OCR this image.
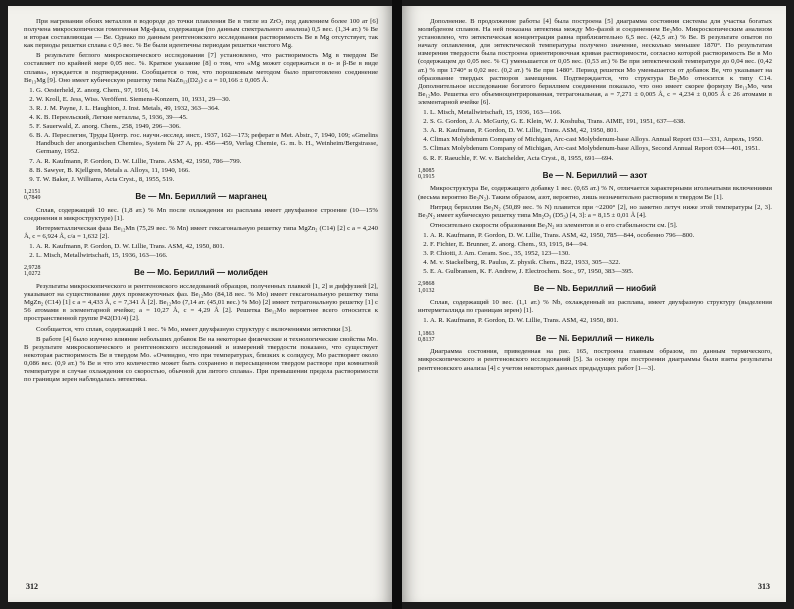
При нагревании обоих металлов в водороде до точки плавления Be в тигле из ZrO₂ под давлением более 100 ат [6] получена микроскопически гомогенная Mg-фаза, содержащая (по данным спектрального анализа) 0,5 вес. (1,34 ат.) % Be и вторая составляющая — Be. Однако по данным рентгеновского исследования растворимость Be в Mg отсутствует, так как периоды решетки сплава с 0,5 вес. % Be были идентичны периодам решетки чистого Mg.

В результате беглого микроскопического исследования [7] установлено, что растворимость Mg в твердом Be составляет по крайней мере 0,05 вес. %. Краткое указание [8] о том, что «Mg может содержаться в α- и β-Be в виде сплава», нуждается в подтверждении. Сообщается о том, что порошковым методом было приготовлено соединение Be₁₃Mg [9]. Оно имеет кубическую решетку типа NaZn₁₃(D2₃) с a = 10,166 ± 0,005 Å.

1. G. Oesterheld, Z. anorg. Chem., 97, 1916, 14.
2. W. Kroll, E. Jess, Wiss. Veröffent. Siemens-Konzern, 10, 1931, 29—30.
3. R. J. M. Payne, J. L. Haughton, J. Inst. Metals, 49, 1932, 363—364.
4. К. В. Переельский, Легкие металлы, 5, 1936, 39—45.
5. F. Sauerwald, Z. anorg. Chem., 258, 1949, 296—306.
6. В. А. Переслегин, Труды Центр. гос. научн.-исслед. инст., 1937, 162—173; реферат в Met. Abstr., 7, 1940, 109; «Gmelins Handbuch der anorganischen Chemie», System № 27 A, pp. 456—459, Verlag Chemie, G. m. b. H., Weinheim/Bergstrasse, Germany, 1952.
7. A. R. Kaufmann, P. Gordon, D. W. Lillie, Trans. ASM, 42, 1950, 786—799.
8. B. Sawyer, B. Kjellgren, Metals a. Alloys, 11, 1940, 166.
9. T. W. Baker, J. Williams, Acta Cryst., 8, 1955, 519.
1,2151
0,7849	Be — Mn. Бериллий — марганец

Сплав, содержащий 10 вес. (1,8 ат.) % Mn после охлаждения из расплава имеет двухфазное строение (10—15% соединения в микроструктуре) [1].

Интерметаллическая фаза Be₁₂Mn (75,29 вес. % Mn) имеет гексагональную решетку типа MgZn₂ (C14) [2] с a = 4,240 Å, c = 6,924 Å, c/a = 1,632 [2].

1. A. R. Kaufmann, P. Gordon, D. W. Lillie, Trans. ASM, 42, 1950, 801.
2. L. Misch, Metallwirtschaft, 15, 1936, 163—166.
2,9728
1,0272	Be — Mo. Бериллий — молибден

Результаты микроскопического и рентгеновского исследований образцов, полученных плавкой [1, 2] и диффузией [2], указывают на существование двух промежуточных фаз. Be₁₂Mo (84,18 вес. % Mo) имеет гексагональную решетку типа MgZn₂ (C14) [1] с a = 4,433 Å, c = 7,341 Å [2]. Be₁₂Mo (7,14 ат. (45,01 вес.) % Mo) [2] имеет тетрагональную решетку [1] с 56 атомами в элементарной ячейке; a = 10,27 Å, c = 4,29 Å [2]. Решетка Be₁₂Mo вероятнее всего относится к пространственной группе P42(D1/4) [2].

Сообщается, что сплав, содержащий 1 вес. % Mo, имеет двухфазную структуру с включениями эвтектики [3].

В работе [4] было изучено влияние небольших добавок Be на некоторые физические и технологические свойства Mo. В результате микроскопического и рентгеновского исследований и измерений твердости показано, что существует некоторая растворимость Be в твердом Mo. «Очевидно, что при температурах, близких к солидусу, Mo растворяет около 0,086 вес. (0,9 ат.) % Be и что это количество может быть сохранено в пересыщенном твердом растворе при комнатной температуре в случае охлаждения со скоростью, обычной для литого сплава». При превышении предела растворимости по границам зерен наблюдалась эвтектика.

312

Дополнение. В продолжение работы [4] была построена [5] диаграмма состояния системы для участка богатых молибденом сплавов. На ней показана эвтектика между Mo-фазой и соединением Be₂Mo. Микроскопическим анализом установлено, что эвтектическая концентрация равна приблизительно 6,5 вес. (42,5 ат.) % Be. В результате опытов по началу оплавления, для эвтектической температуры получено значение, несколько меньшее 1870°. По результатам измерения твердости была построена ориентировочная кривая растворимости, согласно которой растворимость Be в Mo (содержащем до 0,05 вес. % C) уменьшается от 0,05 вес. (0,53 ат.) % Be при эвтектической температуре до 0,04 вес. (0,42 ат.) % при 1740° и 0,02 вес. (0,2 ат.) % Be при 1480°. Период решетки Mo уменьшается от добавок Be, что указывает на образование твердых растворов замещения. Подтверждается, что структура Be₂Mo относится к типу C14. Дополнительное исследование богатого бериллием соединения показало, что оно имеет скорее формулу Be₁₃Mo, чем Be₁₂Mo. Решетка его объемноцентрированная, тетрагональная, a = 7,271 ± 0,005 Å, c = 4,234 ± 0,005 Å с 26 атомами в элементарной ячейке [6].

1. L. Misch, Metallwirtschaft, 15, 1936, 163—166.
2. S. G. Gordon, J. A. McGurty, G. E. Klein, W. J. Koshuba, Trans. AIME, 191, 1951, 637—638.
3. A. R. Kaufmann, P. Gordon, D. W. Lillie, Trans. ASM, 42, 1950, 801.
4. Climax Molybdenum Company of Michigan, Arc-cast Molybdenum-base Alloys. Annual Report 031—331, Апрель, 1950.
5. Climax Molybdenum Company of Michigan, Arc-cast Molybdenum-base Alloys, Second Annual Report 034—401, 1951.
6. R. F. Raeuchle, F. W. v. Batchelder, Acta Cryst., 8, 1955, 691—694.
1,8085
0,1915	Be — N. Бериллий — азот

Микроструктура Be, содержащего добавку 1 вес. (0,65 ат.) % N, отличается характерными игольчатыми включениями (весьма вероятно Be₃N₂). Таким образом, азот, вероятно, лишь незначительно растворим в твердом Be [1].

Нитрид бериллия Be₃N₂ (50,89 вес. % N) плавится при ~2200° [2], но заметно летуч ниже этой температуры [2, 3]. Be₃N₂ имеет кубическую решетку типа Mn₂O₃ (D5₃) [4, 3]: a = 8,15 ± 0,01 Å [4].

Относительно скорости образования Be₃N₂ из элементов и о его стабильности см. [5].

1. A. R. Kaufmann, P. Gordon, D. W. Lillie, Trans. ASM, 42, 1950, 785—844, особенно 796—800.
2. F. Fichter, E. Brunner, Z. anorg. Chem., 93, 1915, 84—94.
3. P. Chiotti, J. Am. Ceram. Soc., 35, 1952, 123—130.
4. M. v. Stackelberg, R. Paulus, Z. physik. Chem., B22, 1933, 305—322.
5. E. A. Gulbransen, K. F. Andrew, J. Electrochem. Soc., 97, 1950, 383—395.
2,9868
1,0132	Be — Nb. Бериллий — ниобий

Сплав, содержащий 10 вес. (1,1 ат.) % Nb, охлажденный из расплава, имеет двухфазную структуру (выделения интерметаллида по границам зерен) [1].

1. A. R. Kaufmann, P. Gordon, D. W. Lillie, Trans. ASM, 42, 1950, 801.
1,1863
0,8137	Be — Ni. Бериллий — никель

Диаграмма состояния, приведенная на рис. 165, построена главным образом, по данным термического, микроскопического и рентгеновского исследований [5]. За основу при построении диаграммы были взяты результаты рентгеновского анализа [4] с учетом некоторых данных предыдущих работ [1—3].

313
